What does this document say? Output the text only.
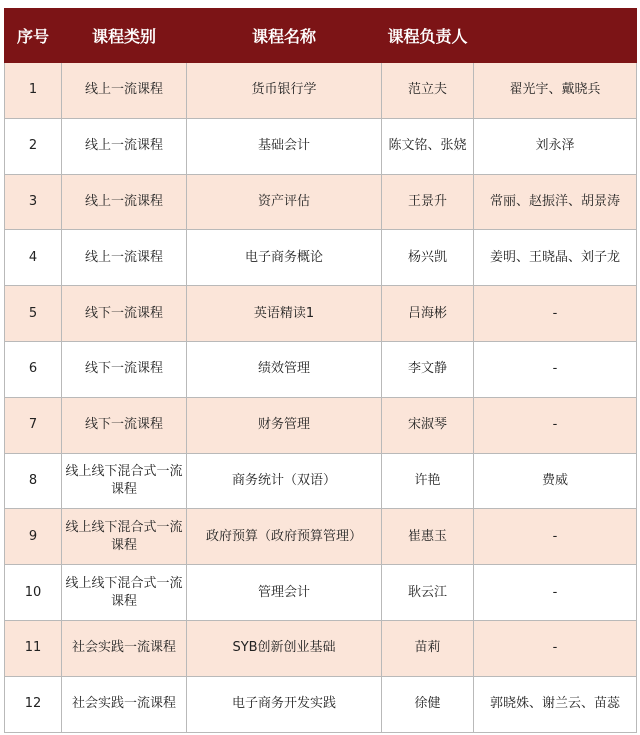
序号	课程类别	课程名称	课程负责人	
1	线上一流课程	货币银行学	范立夫	翟光宇、戴晓兵
2	线上一流课程	基础会计	陈文铭、张娆	刘永泽
3	线上一流课程	资产评估	王景升	常丽、赵振洋、胡景涛
4	线上一流课程	电子商务概论	杨兴凯	姜明、王晓晶、刘子龙
5	线下一流课程	英语精读1	吕海彬	-
6	线下一流课程	绩效管理	李文静	-
7	线下一流课程	财务管理	宋淑琴	-
8	线上线下混合式一流课程	商务统计（双语）	许艳	费威
9	线上线下混合式一流课程	政府预算（政府预算管理）	崔惠玉	-
10	线上线下混合式一流课程	管理会计	耿云江	-
11	社会实践一流课程	SYB创新创业基础	苗莉	-
12	社会实践一流课程	电子商务开发实践	徐健	郭晓姝、谢兰云、苗蕊
